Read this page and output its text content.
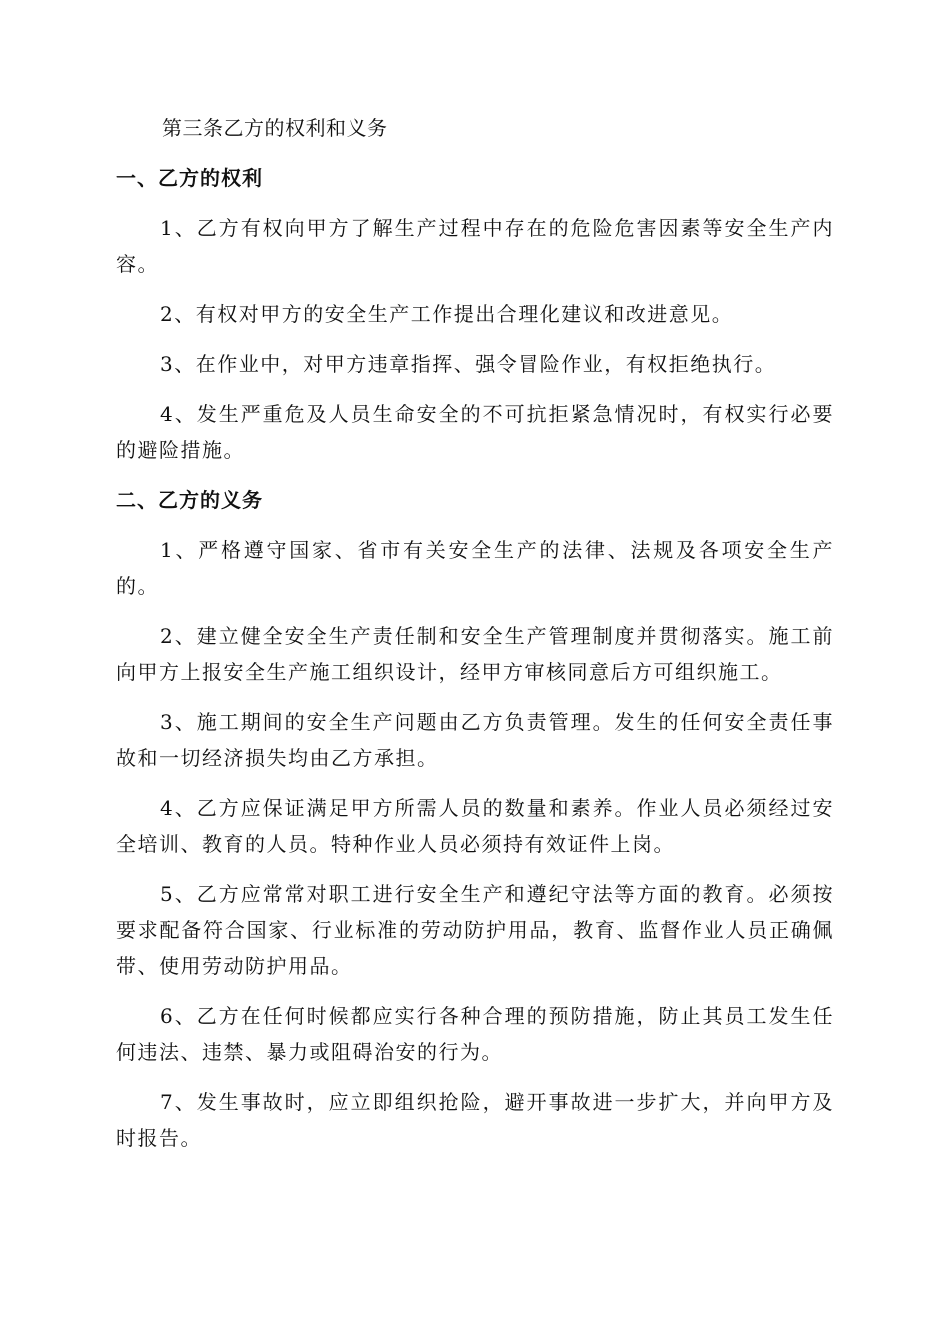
第三条乙方的权利和义务

一、乙方的权利

1、乙方有权向甲方了解生产过程中存在的危险危害因素等安全生产内容。

2、有权对甲方的安全生产工作提出合理化建议和改进意见。

3、在作业中，对甲方违章指挥、强令冒险作业，有权拒绝执行。

4、发生严重危及人员生命安全的不可抗拒紧急情况时，有权实行必要的避险措施。

二、乙方的义务

1、严格遵守国家、省市有关安全生产的法律、法规及各项安全生产的。

2、建立健全安全生产责任制和安全生产管理制度并贯彻落实。施工前向甲方上报安全生产施工组织设计，经甲方审核同意后方可组织施工。

3、施工期间的安全生产问题由乙方负责管理。发生的任何安全责任事故和一切经济损失均由乙方承担。

4、乙方应保证满足甲方所需人员的数量和素养。作业人员必须经过安全培训、教育的人员。特种作业人员必须持有效证件上岗。

5、乙方应常常对职工进行安全生产和遵纪守法等方面的教育。必须按要求配备符合国家、行业标准的劳动防护用品，教育、监督作业人员正确佩带、使用劳动防护用品。

6、乙方在任何时候都应实行各种合理的预防措施，防止其员工发生任何违法、违禁、暴力或阻碍治安的行为。

7、发生事故时，应立即组织抢险，避开事故进一步扩大，并向甲方及时报告。
